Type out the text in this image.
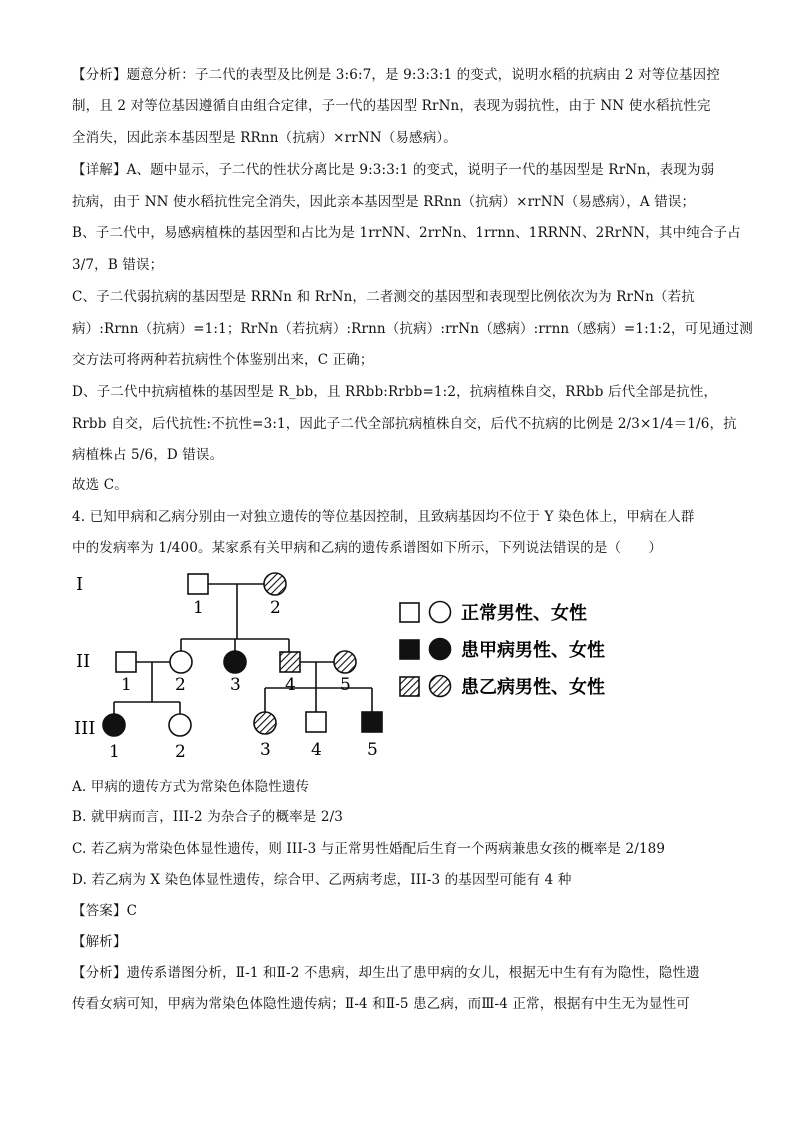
【分析】题意分析：子二代的表型及比例是 3:6:7，是 9:3:3:1 的变式，说明水稻的抗病由 2 对等位基因控
制，且 2 对等位基因遵循自由组合定律，子一代的基因型 RrNn，表现为弱抗性，由于 NN 使水稻抗性完
全消失，因此亲本基因型是 RRnn（抗病）×rrNN（易感病）。
【详解】A、题中显示，子二代的性状分离比是 9:3:3:1 的变式，说明子一代的基因型是 RrNn，表现为弱
抗病，由于 NN 使水稻抗性完全消失，因此亲本基因型是 RRnn（抗病）×rrNN（易感病），A 错误；
B、子二代中，易感病植株的基因型和占比为是 1rrNN、2rrNn、1rrnn、1RRNN、2RrNN，其中纯合子占
3/7，B 错误；
C、子二代弱抗病的基因型是 RRNn 和 RrNn，二者测交的基因型和表现型比例依次为为 RrNn（若抗
病）:Rrnn（抗病）=1:1；RrNn（若抗病）:Rrnn（抗病）:rrNn（感病）:rrnn（感病）=1:1:2，可见通过测
交方法可将两种若抗病性个体鉴别出来，C 正确；
D、子二代中抗病植株的基因型是 R_bb，且 RRbb:Rrbb=1:2，抗病植株自交，RRbb 后代全部是抗性，
Rrbb 自交，后代抗性:不抗性=3:1，因此子二代全部抗病植株自交，后代不抗病的比例是 2/3×1/4＝1/6，抗
病植株占 5/6，D 错误。
故选 C。
4. 已知甲病和乙病分别由一对独立遗传的等位基因控制，且致病基因均不位于 Y 染色体上，甲病在人群
中的发病率为 1/400。某家系有关甲病和乙病的遗传系谱图如下所示，下列说法错误的是（　　）
I
II
III
1	2
1	2	3	4	5
1	2	3 4	5
正常男性、女性
患甲病男性、女性
患乙病男性、女性
A. 甲病的遗传方式为常染色体隐性遗传
B. 就甲病而言，III-2 为杂合子的概率是 2/3
C. 若乙病为常染色体显性遗传，则 III-3 与正常男性婚配后生育一个两病兼患女孩的概率是 2/189
D. 若乙病为 X 染色体显性遗传，综合甲、乙两病考虑，III-3 的基因型可能有 4 种
【答案】C
【解析】
【分析】遗传系谱图分析，Ⅱ-1 和Ⅱ-2 不患病，却生出了患甲病的女儿，根据无中生有有为隐性，隐性遗
传看女病可知，甲病为常染色体隐性遗传病；Ⅱ-4 和Ⅱ-5 患乙病，而Ⅲ-4 正常，根据有中生无为显性可
